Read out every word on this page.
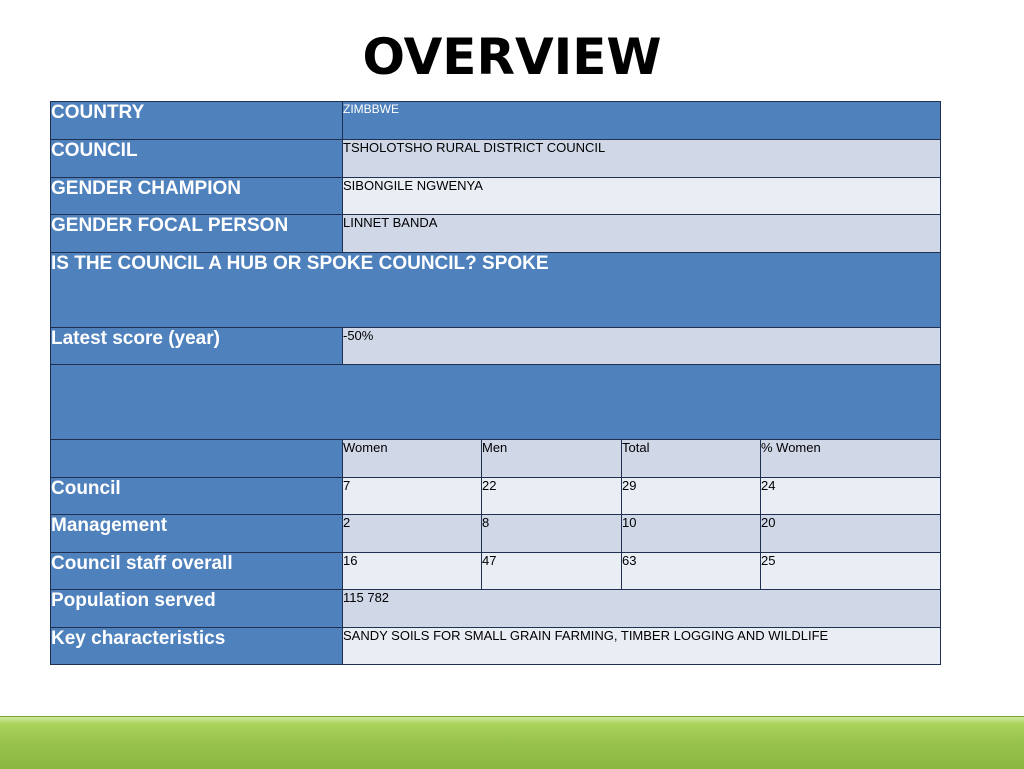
OVERVIEW
COUNTRY	ZIMBBWE			
COUNCIL	TSHOLOTSHO RURAL DISTRICT COUNCIL			
GENDER CHAMPION	SIBONGILE NGWENYA			
GENDER FOCAL PERSON	LINNET BANDA			
IS THE COUNCIL A HUB OR SPOKE COUNCIL? SPOKE				
Latest score (year)	-50%			

	Women	Men	Total	% Women
Council	7	22	29	24
Management	2	8	10	20
Council staff overall	16	47	63	25
Population served	115 782			
Key characteristics	SANDY SOILS FOR SMALL GRAIN FARMING, TIMBER LOGGING AND WILDLIFE			
